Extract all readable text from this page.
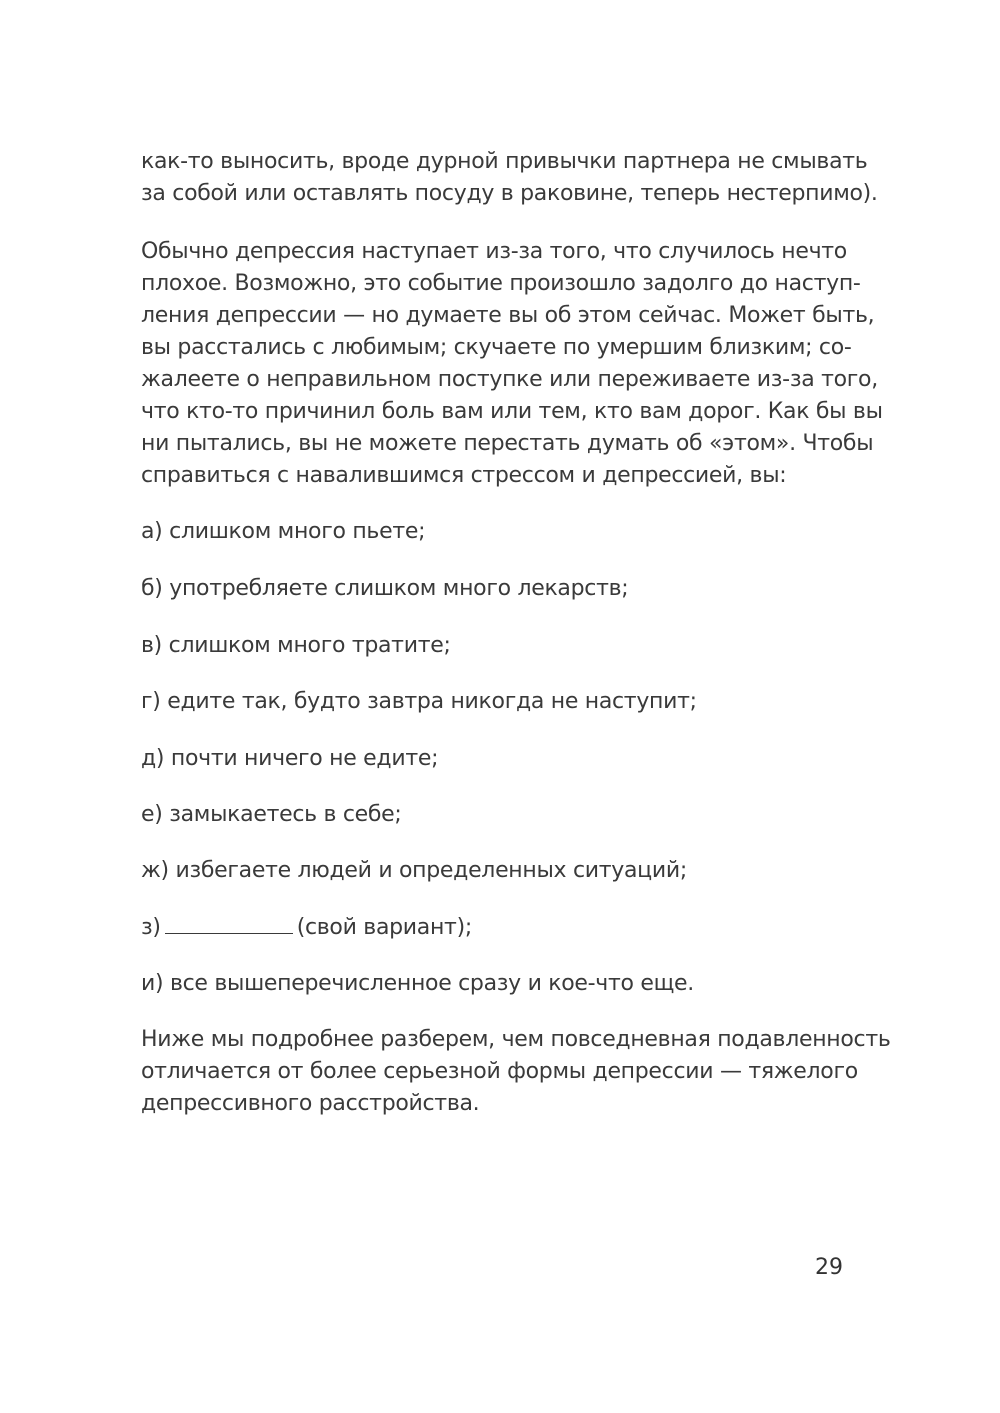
как-то выносить, вроде дурной привычки партнера не смывать
за собой или оставлять посуду в раковине, теперь нестерпимо).
Обычно депрессия наступает из-за того, что случилось нечто
плохое. Возможно, это событие произошло задолго до наступ-
ления депрессии — но думаете вы об этом сейчас. Может быть,
вы расстались с любимым; скучаете по умершим близким; со-
жалеете о неправильном поступке или переживаете из-за того,
что кто-то причинил боль вам или тем, кто вам дорог. Как бы вы
ни пытались, вы не можете перестать думать об «этом». Чтобы
справиться с навалившимся стрессом и депрессией, вы:
а) слишком много пьете;
б) употребляете слишком много лекарств;
в) слишком много тратите;
г) едите так, будто завтра никогда не наступит;
д) почти ничего не едите;
е) замыкаетесь в себе;
ж) избегаете людей и определенных ситуаций;
з)	(свой вариант);
и) все вышеперечисленное сразу и кое-что еще.
Ниже мы подробнее разберем, чем повседневная подавленность
отличается от более серьезной формы депрессии — тяжелого
депрессивного расстройства.
29
